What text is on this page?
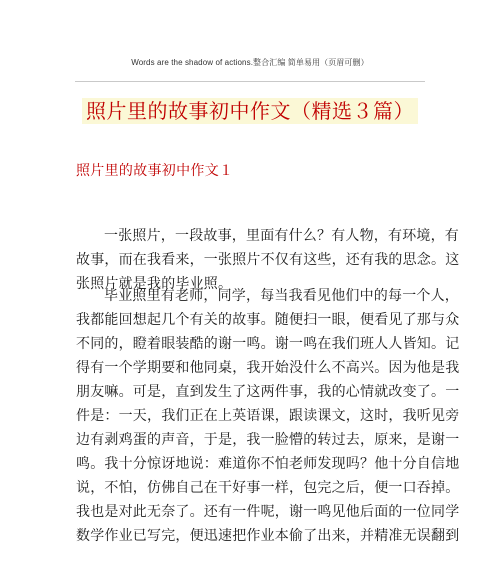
Words are the shadow of actions.整合汇编 简单易用（页眉可删）
照片里的故事初中作文（精选３篇）
照片里的故事初中作文１
一张照片，一段故事，里面有什么？有人物，有环境，有
故事，而在我看来，一张照片不仅有这些，还有我的思念。这
张照片就是我的毕业照。
毕业照里有老师，同学，每当我看见他们中的每一个人，
我都能回想起几个有关的故事。随便扫一眼，便看见了那与众
不同的，瞪着眼装酷的谢一鸣。谢一鸣在我们班人人皆知。记
得有一个学期要和他同桌，我开始没什么不高兴。因为他是我
朋友嘛。可是，直到发生了这两件事，我的心情就改变了。一
件是：一天，我们正在上英语课，跟读课文，这时，我听见旁
边有剥鸡蛋的声音，于是，我一脸懵的转过去，原来，是谢一
鸣。我十分惊讶地说：难道你不怕老师发现吗？他十分自信地
说，不怕，仿佛自己在干好事一样，包完之后，便一口吞掉。
我也是对此无奈了。还有一件呢，谢一鸣见他后面的一位同学
数学作业已写完，便迅速把作业本偷了出来，并精准无误翻到
